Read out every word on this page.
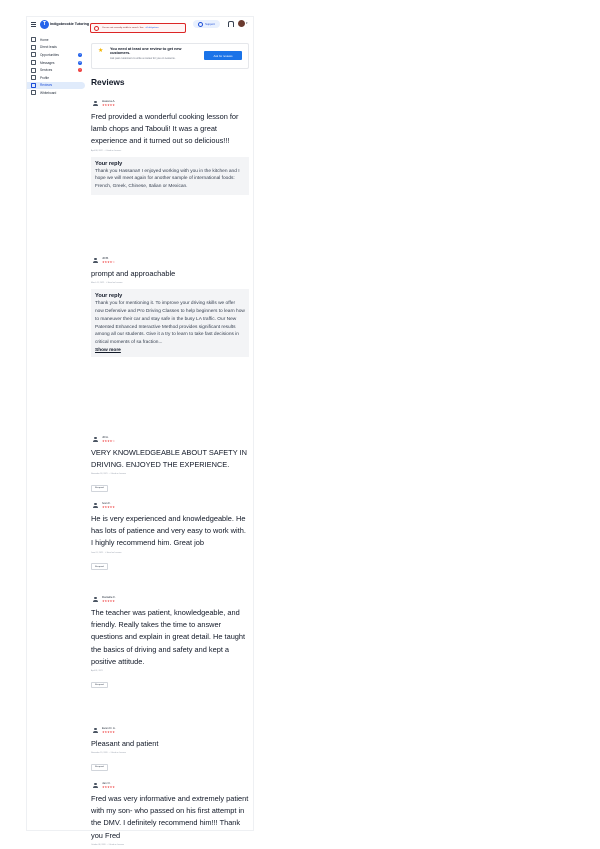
T	Indigobrookie Tutoring
You are not currently visible to search. See all obligations
Support	▾
Home
Direct leads
Opportunities	3
Messages	12
Services	1
Profile
Reviews
Whiteboard
★ You need at least one review to get new customers.
Ask past customers to write a review for you on Lessons.
Ask for reviews
Reviews
Hassna A.
★★★★★
Fred provided a wonderful cooking lesson for lamb chops and Tabouli! It was a great experience and it turned out so delicious!!!
April 08, 2022 · ✓ Hired on Lessons
Your reply
Thank you Hassana!! I enjoyed working with you in the kitchen and I hope we will meet again for another sample of international foods: French, Greek, Chinese, Italian or Mexican.
Jill B.
★★★★☆
prompt and approachable
March 11, 2022 · ✓ Hired on Lessons
Your reply
Thank you for mentioning it. To improve your driving skills we offer now Defensive and Pro Driving Classes to help beginners to learn how to maneuver their car and stay safe in the busy LA traffic. Our New Patented Enhanced Interactive Method provides significant results among all our students. Give it a try to learn to take fast decisions in critical moments of sa fraction...
Show more
Jill A.
★★★★☆
VERY KNOWLEDGEABLE ABOUT SAFETY IN DRIVING. ENJOYED THE EXPERIENCE.
November 18, 2021 · ✓ Hired on Lessons
Respond
Ivan F.
★★★★★
He is very experienced and knowledgeable. He has lots of patience and very easy to work with. I highly recommend him. Great job
June 01, 2021 · ✓ Hired on Lessons
Respond
Danielle F.
★★★★★
The teacher was patient, knowledgeable, and friendly. Really takes the time to answer questions and explain in great detail. He taught the basics of driving and safety and kept a positive attitude.
April 01, 2021
Respond
Evan D. A.
★★★★★
Pleasant and patient
November 19, 2020 · ✓ Hired on Lessons
Respond
Jan O.
★★★★★
Fred was very informative and extremely patient with my son- who passed on his first attempt in the DMV. I definitely recommend him!!! Thank you Fred
October 08, 2020 · ✓ Hired on Lessons
